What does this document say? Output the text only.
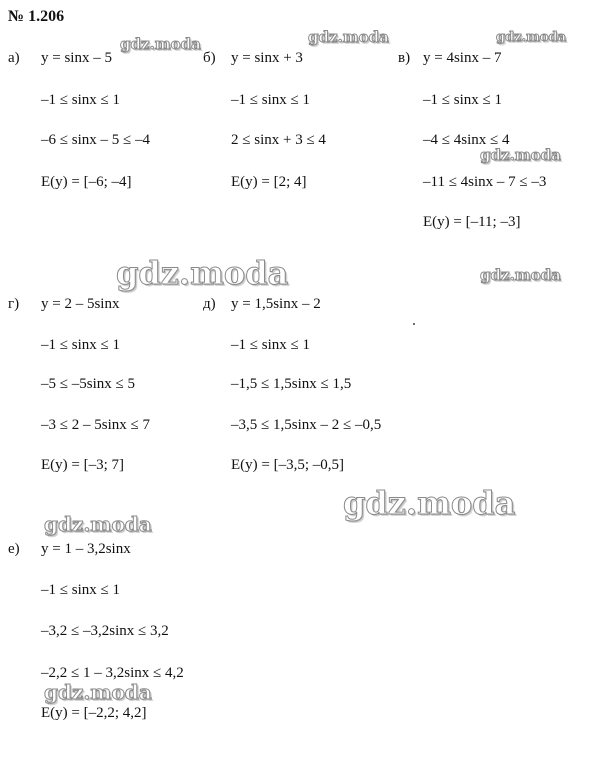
№ 1.206
а) y = sinx – 5
–1 ≤ sinx ≤ 1
–6 ≤ sinx – 5 ≤ –4
E(y) = [–6; –4]
б) y = sinx + 3
–1 ≤ sinx ≤ 1
2 ≤ sinx + 3 ≤ 4
E(y) = [2; 4]
в) y = 4sinx – 7
–1 ≤ sinx ≤ 1
–4 ≤ 4sinx ≤ 4
–11 ≤ 4sinx – 7 ≤ –3
E(y) = [–11; –3]
г) y = 2 – 5sinx
–1 ≤ sinx ≤ 1
–5 ≤ –5sinx ≤ 5
–3 ≤ 2 – 5sinx ≤ 7
E(y) = [–3; 7]
д) y = 1,5sinx – 2
–1 ≤ sinx ≤ 1
–1,5 ≤ 1,5sinx ≤ 1,5
–3,5 ≤ 1,5sinx – 2 ≤ –0,5
E(y) = [–3,5; –0,5]
е) y = 1 – 3,2sinx
–1 ≤ sinx ≤ 1
–3,2 ≤ –3,2sinx ≤ 3,2
–2,2 ≤ 1 – 3,2sinx ≤ 4,2
E(y) = [–2,2; 4,2]
gdz.moda	gdz.moda	gdz.moda
gdz.moda
gdz.moda	gdz.moda
gdz.moda
gdz.moda
gdz.moda
